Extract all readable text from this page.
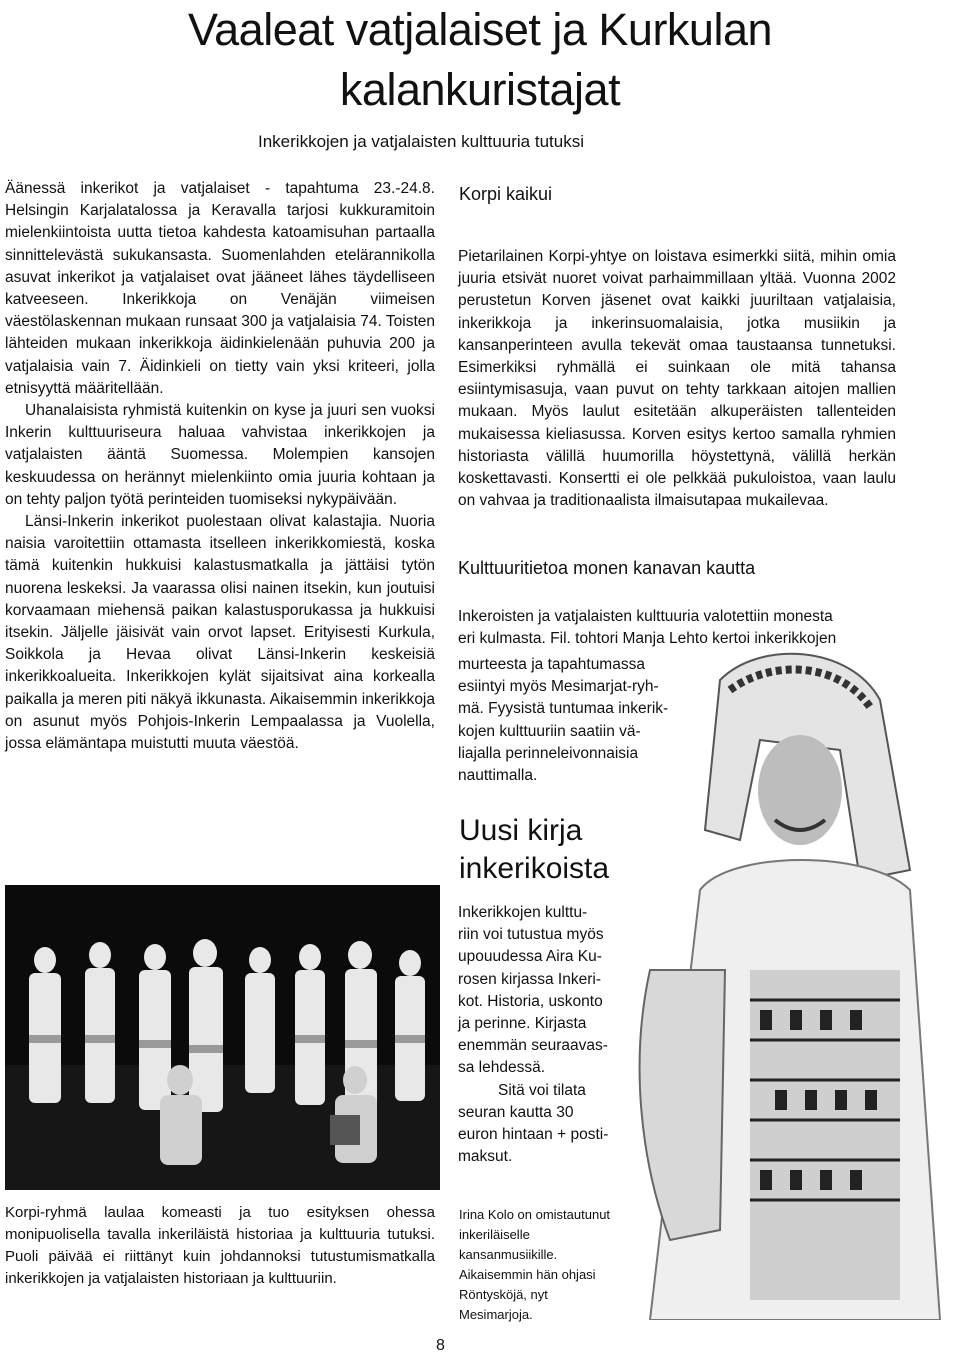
Vaaleat vatjalaiset ja Kurkulan
kalankuristajat
Inkerikkojen ja vatjalaisten kulttuuria tutuksi

Äänessä inkerikot ja vatjalaiset - tapahtuma 23.-24.8. Helsingin Karjalatalossa ja Keravalla tarjosi kukkuramitoin mielenkiintoista uutta tietoa kahdesta katoamisuhan partaalla sinnittelevästä sukukansasta. Suomenlahden etelärannikolla asuvat inkerikot ja vatjalaiset ovat jääneet lähes täydelliseen katveeseen. Inkerikkoja on Venäjän viimeisen väestölaskennan mukaan runsaat 300 ja vatjalaisia 74. Toisten lähteiden mukaan inkerikkoja äidinkielenään puhuvia 200 ja vatjalaisia vain 7. Äidinkieli on tietty vain yksi kriteeri, jolla etnisyyttä määritellään.

Uhanalaisista ryhmistä kuitenkin on kyse ja juuri sen vuoksi Inkerin kulttuuriseura haluaa vahvistaa inkerikkojen ja vatjalaisten ääntä Suomessa. Molempien kansojen keskuudessa on herännyt mielenkiinto omia juuria kohtaan ja on tehty paljon työtä perinteiden tuomiseksi nykypäivään.

Länsi-Inkerin inkerikot puolestaan olivat kalastajia. Nuoria naisia varoitettiin ottamasta itselleen inkerikkomiestä, koska tämä kuitenkin hukkuisi kalastusmatkalla ja jättäisi tytön nuorena leskeksi. Ja vaarassa olisi nainen itsekin, kun joutuisi korvaamaan miehensä paikan kalastusporukassa ja hukkuisi itsekin. Jäljelle jäisivät vain orvot lapset. Erityisesti Kurkula, Soikkola ja Hevaa olivat Länsi-Inkerin keskeisiä inkerikkoalueita. Inkerikkojen kylät sijaitsivat aina korkealla paikalla ja meren piti näkyä ikkunasta. Aikaisemmin inkerikkoja on asunut myös Pohjois-Inkerin Lempaalassa ja Vuolella, jossa elämäntapa muistutti muuta väestöä.

Korpi-ryhmä laulaa komeasti ja tuo esityksen ohessa monipuolisella tavalla inkeriläistä historiaa ja kulttuuria tutuksi. Puoli päivää ei riittänyt kuin johdannoksi tutustumismatkalla inkerikkojen ja vatjalaisten historiaan ja kulttuuriin.
Korpi kaikui
Pietarilainen Korpi-yhtye on loistava esimerkki siitä, mihin omia juuria etsivät nuoret voivat parhaimmillaan yltää. Vuonna 2002 perustetun Korven jäsenet ovat kaikki juuriltaan vatjalaisia, inkerikkoja ja inkerinsuomalaisia, jotka musiikin ja kansanperinteen avulla tekevät omaa taustaansa tunnetuksi. Esimerkiksi ryhmällä ei suinkaan ole mitä tahansa esiintymisasuja, vaan puvut on tehty tarkkaan aitojen mallien mukaan. Myös laulut esitetään alkuperäisten tallenteiden mukaisessa kieliasussa. Korven esitys kertoo samalla ryhmien historiasta välillä huumorilla höystettynä, välillä herkän koskettavasti. Konsertti ei ole pelkkää pukuloistoa, vaan laulu on vahvaa ja traditionaalista ilmaisutapaa mukailevaa.
Kulttuuritietoa monen kanavan kautta
Inkeroisten ja vatjalaisten kulttuuria valotettiin monesta
eri kulmasta. Fil. tohtori Manja Lehto kertoi inkerikkojen
murteesta ja tapahtumassa
esiintyi myös Mesimarjat-ryh-
mä. Fyysistä tuntumaa inkerik-
kojen kulttuuriin saatiin vä-
liajalla perinneleivonnaisia
nauttimalla.
Uusi kirja
inkerikoista
Inkerikkojen kulttu-
riin voi tutustua myös
upouudessa Aira Ku-
rosen kirjassa Inkeri-
kot. Historia, uskonto
ja perinne. Kirjasta
enemmän seuraavas-
sa lehdessä.
Sitä voi tilata
seuran kautta 30
euron hintaan + posti-
maksut.
Irina Kolo on omistautunut
inkeriläiselle
kansanmusiikille.
Aikaisemmin hän ohjasi
Röntysköjä, nyt
Mesimarjoja.
8
